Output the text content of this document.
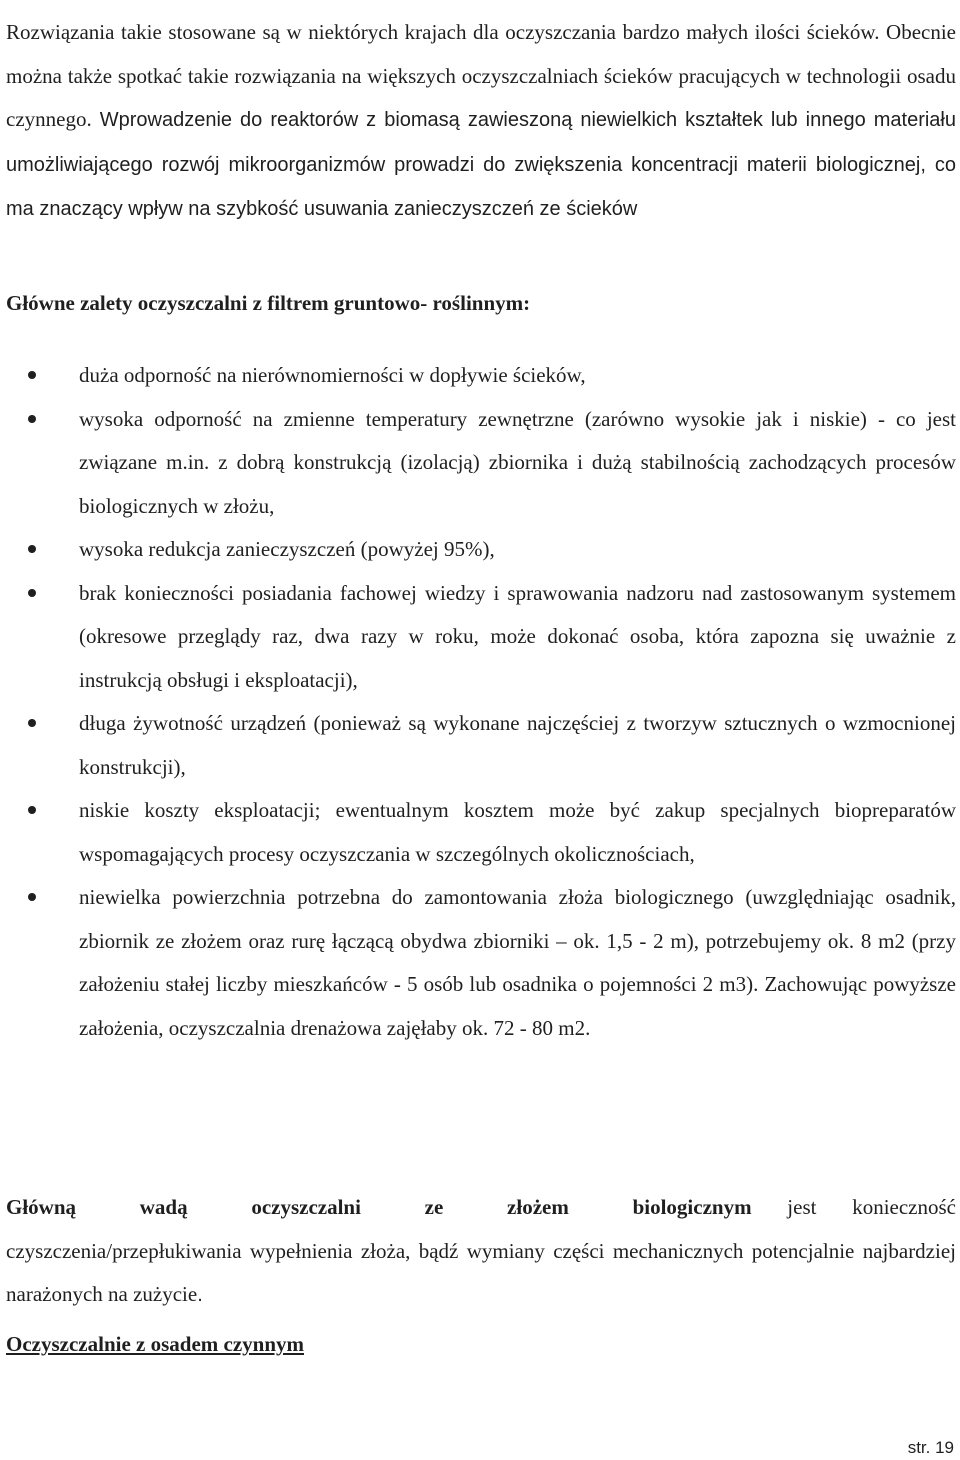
Rozwiązania takie stosowane są w niektórych krajach dla oczyszczania bardzo małych ilości ścieków. Obecnie można także spotkać takie rozwiązania na większych oczyszczalniach ścieków pracujących w technologii osadu czynnego. Wprowadzenie do reaktorów z biomasą zawieszoną niewielkich kształtek lub innego materiału umożliwiającego rozwój mikroorganizmów prowadzi do zwiększenia koncentracji materii biologicznej, co ma znaczący wpływ na szybkość usuwania zanieczyszczeń ze ścieków

Główne zalety oczyszczalni z filtrem gruntowo- roślinnym:
duża odporność na nierównomierności w dopływie ścieków,
wysoka odporność na zmienne temperatury zewnętrzne (zarówno wysokie jak i niskie) - co jest związane m.in. z dobrą konstrukcją (izolacją) zbiornika i dużą stabilnością zachodzących procesów biologicznych w złożu,
wysoka redukcja zanieczyszczeń (powyżej 95%),
brak konieczności posiadania fachowej wiedzy i sprawowania nadzoru nad zastosowanym systemem (okresowe przeglądy raz, dwa razy w roku, może dokonać osoba, która zapozna się uważnie z instrukcją obsługi i eksploatacji),
długa żywotność urządzeń (ponieważ są wykonane najczęściej z tworzyw sztucznych o wzmocnionej konstrukcji),
niskie koszty eksploatacji; ewentualnym kosztem może być zakup specjalnych biopreparatów wspomagających procesy oczyszczania w szczególnych okolicznościach,
niewielka powierzchnia potrzebna do zamontowania złoża biologicznego (uwzględniając osadnik, zbiornik ze złożem oraz rurę łączącą obydwa zbiorniki – ok. 1,5 - 2 m), potrzebujemy ok. 8 m2 (przy założeniu stałej liczby mieszkańców - 5 osób lub osadnika o pojemności 2 m3). Zachowując powyższe założenia, oczyszczalnia drenażowa zajęłaby ok. 72 - 80 m2.

Główną wadą oczyszczalni ze złożem biologicznym jest konieczność czyszczenia/przepłukiwania wypełnienia złoża, bądź wymiany części mechanicznych potencjalnie najbardziej narażonych na zużycie.

Oczyszczalnie z osadem czynnym
str. 19
